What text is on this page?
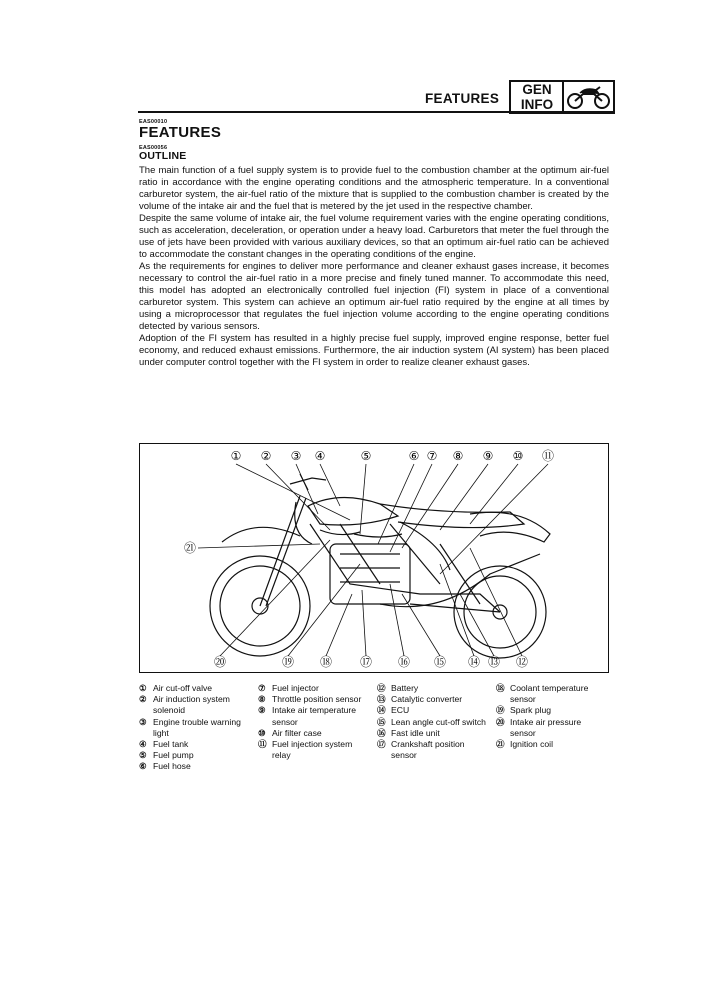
FEATURES
GEN
INFO
EAS00010
FEATURES
EAS00056
OUTLINE

The main function of a fuel supply system is to provide fuel to the combustion chamber at the optimum air-fuel ratio in accordance with the engine operating conditions and the atmospheric temperature. In a conventional carburetor system, the air-fuel ratio of the mixture that is supplied to the combustion chamber is created by the volume of the intake air and the fuel that is metered by the jet used in the respective chamber.

Despite the same volume of intake air, the fuel volume requirement varies with the engine operating conditions, such as acceleration, deceleration, or operation under a heavy load. Carburetors that meter the fuel through the use of jets have been provided with various auxiliary devices, so that an optimum air-fuel ratio can be achieved to accommodate the constant changes in the operating conditions of the engine.

As the requirements for engines to deliver more performance and cleaner exhaust gases increase, it becomes necessary to control the air-fuel ratio in a more precise and finely tuned manner. To accommodate this need, this model has adopted an electronically controlled fuel injection (FI) system in place of a conventional carburetor system. This system can achieve an optimum air-fuel ratio required by the engine at all times by using a microprocessor that regulates the fuel injection volume according to the engine operating conditions detected by various sensors.

Adoption of the FI system has resulted in a highly precise fuel supply, improved engine response, better fuel economy, and reduced exhaust emissions. Furthermore, the air induction system (AI system) has been placed under computer control together with the FI system in order to realize cleaner exhaust gases.

① ② ③ ④	⑤	⑥ ⑦ ⑧ ⑨ ⑩ ⑪
㉑
⑳	⑲ ⑱ ⑰ ⑯ ⑮ ⑭ ⑬ ⑫
① Air cut-off valve
② Air induction system solenoid
③ Engine trouble warning light
④ Fuel tank
⑤ Fuel pump
⑥ Fuel hose
⑦ Fuel injector
⑧ Throttle position sensor
⑨ Intake air temperature sensor
⑩ Air filter case
⑪ Fuel injection system relay
⑫ Battery
⑬ Catalytic converter
⑭ ECU
⑮ Lean angle cut-off switch
⑯ Fast idle unit
⑰ Crankshaft position sensor
⑱ Coolant temperature sensor
⑲ Spark plug
⑳ Intake air pressure sensor
㉑ Ignition coil
